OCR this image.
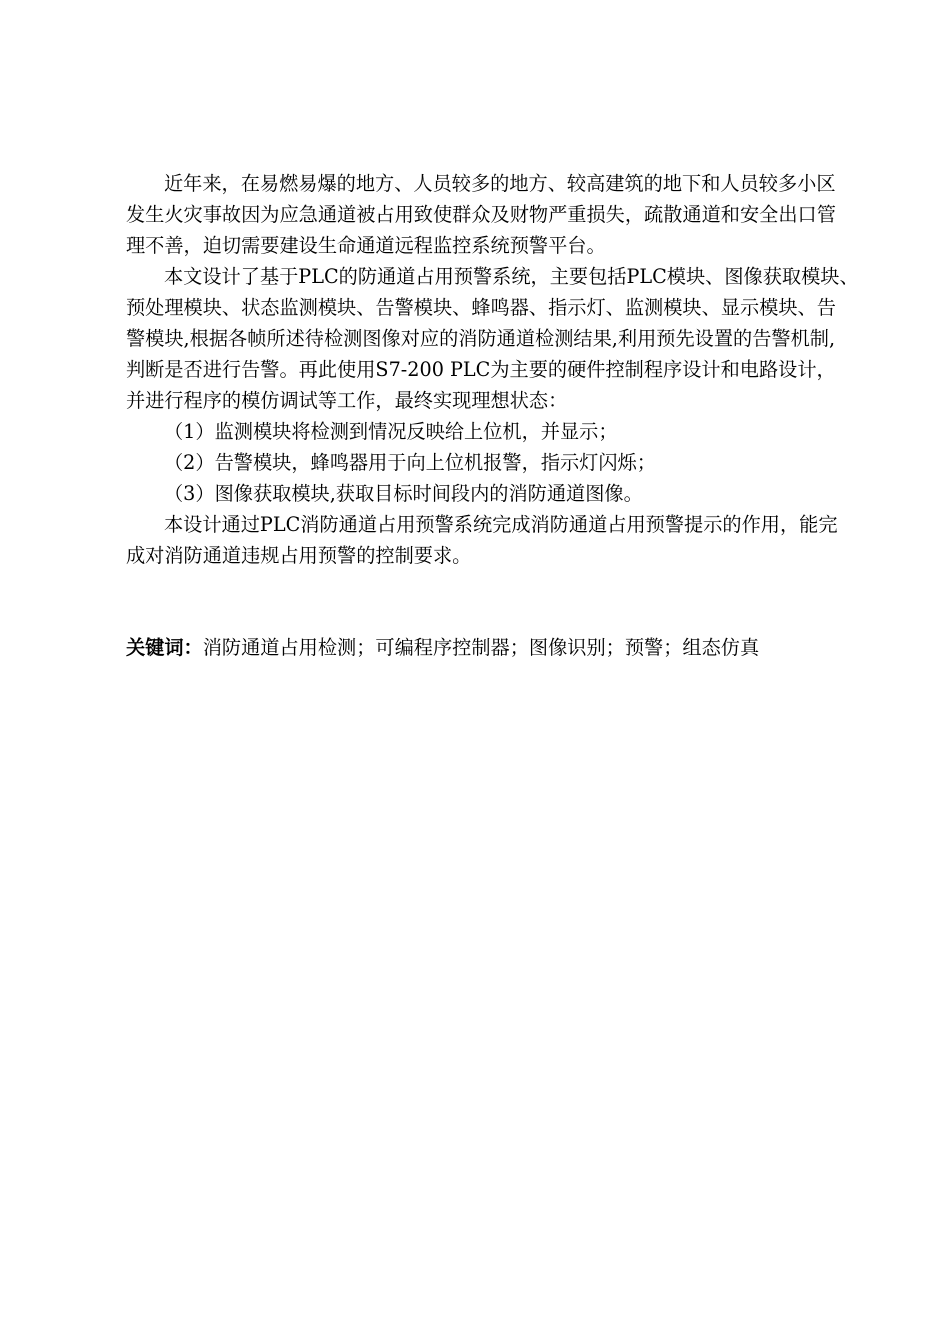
近年来，在易燃易爆的地方、人员较多的地方、较高建筑的地下和人员较多小区

发生火灾事故因为应急通道被占用致使群众及财物严重损失，疏散通道和安全出口管

理不善，迫切需要建设生命通道远程监控系统预警平台。

本文设计了基于PLC的防通道占用预警系统，主要包括PLC模块、图像获取模块、

预处理模块、状态监测模块、告警模块、蜂鸣器、指示灯、监测模块、显示模块、告

警模块,根据各帧所述待检测图像对应的消防通道检测结果,利用预先设置的告警机制,

判断是否进行告警。再此使用S7-200 PLC为主要的硬件控制程序设计和电路设计，

并进行程序的模仿调试等工作，最终实现理想状态：

（1）监测模块将检测到情况反映给上位机，并显示；

（2）告警模块，蜂鸣器用于向上位机报警，指示灯闪烁；

（3）图像获取模块,获取目标时间段内的消防通道图像。

本设计通过PLC消防通道占用预警系统完成消防通道占用预警提示的作用，能完

成对消防通道违规占用预警的控制要求。

关键词：消防通道占用检测；可编程序控制器；图像识别；预警；组态仿真
